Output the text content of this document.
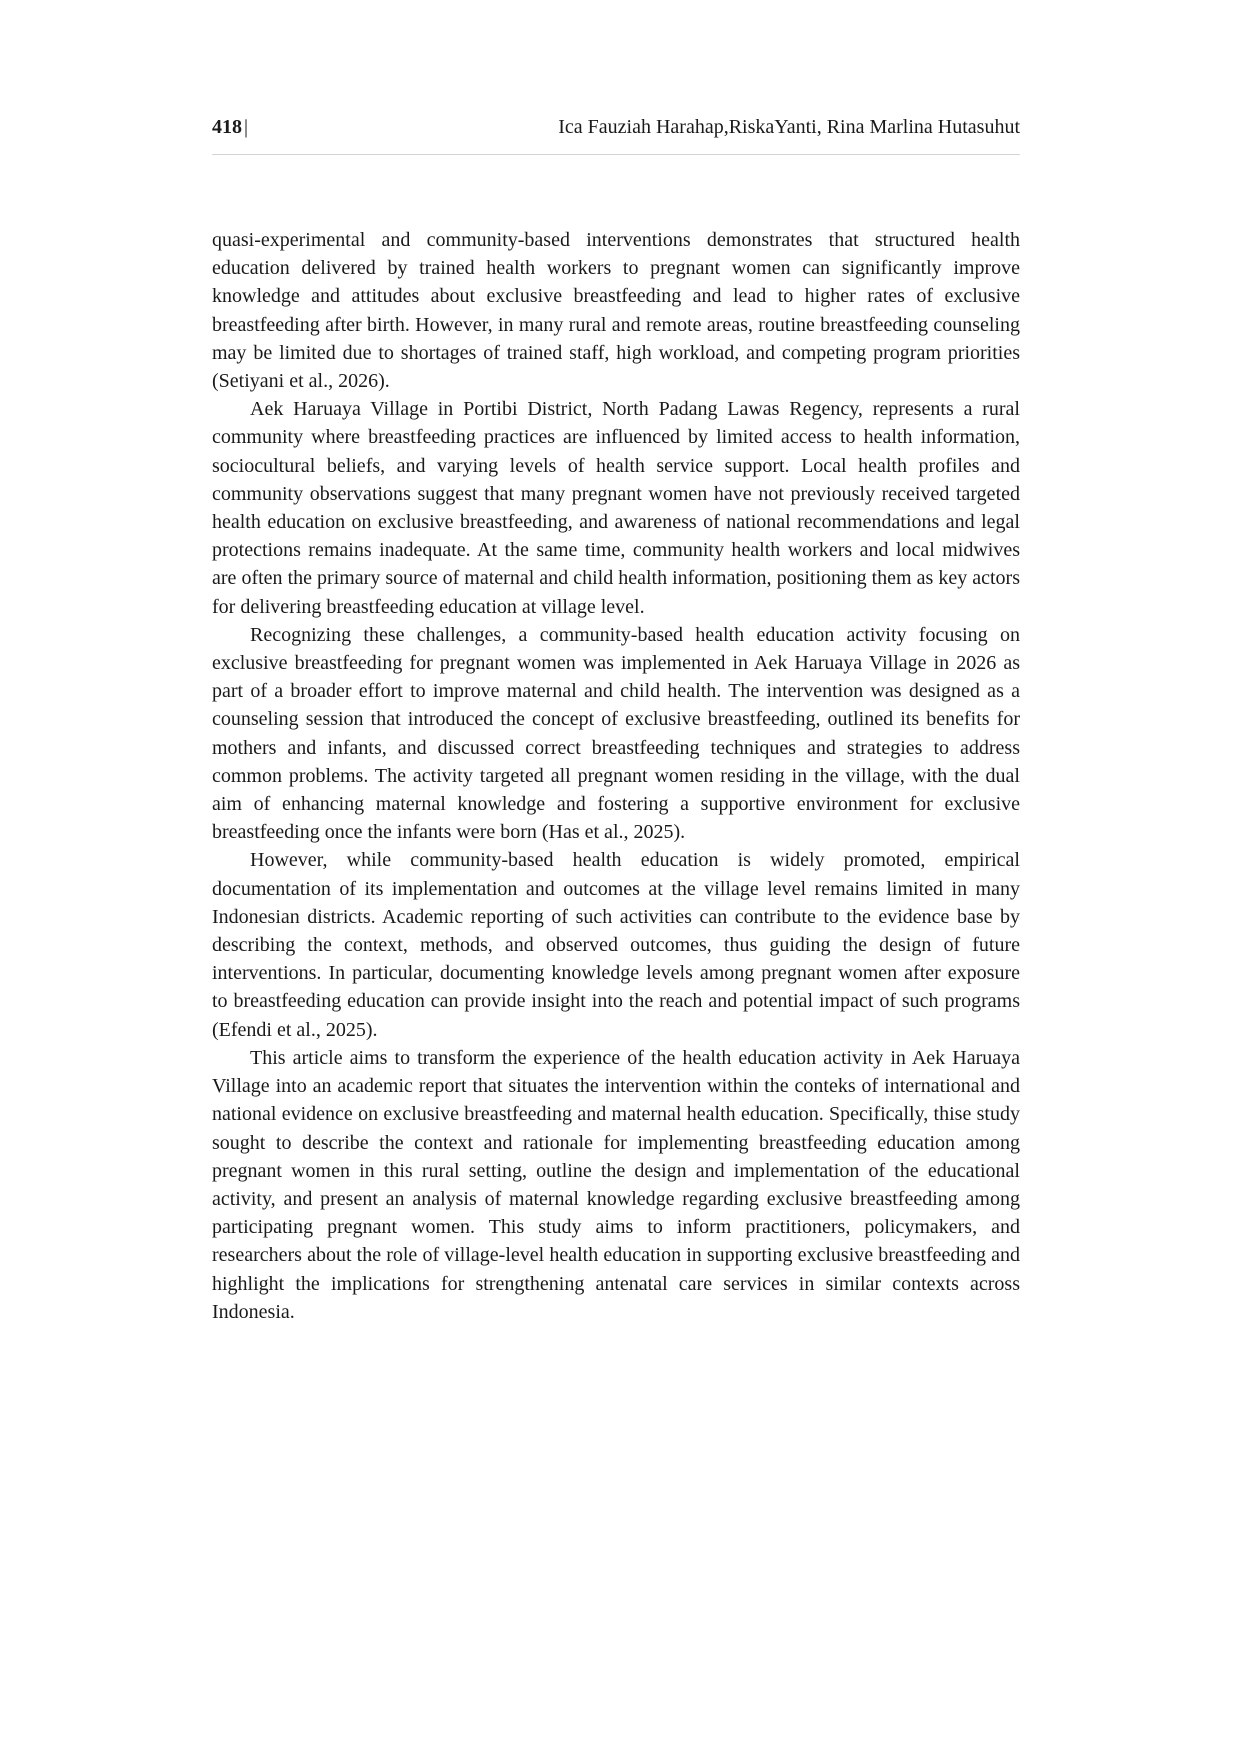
418 |	Ica Fauziah Harahap,RiskaYanti, Rina Marlina Hutasuhut

quasi-experimental and community-based interventions demonstrates that structured health education delivered by trained health workers to pregnant women can significantly improve knowledge and attitudes about exclusive breastfeeding and lead to higher rates of exclusive breastfeeding after birth. However, in many rural and remote areas, routine breastfeeding counseling may be limited due to shortages of trained staff, high workload, and competing program priorities (Setiyani et al., 2026).

Aek Haruaya Village in Portibi District, North Padang Lawas Regency, represents a rural community where breastfeeding practices are influenced by limited access to health information, sociocultural beliefs, and varying levels of health service support. Local health profiles and community observations suggest that many pregnant women have not previously received targeted health education on exclusive breastfeeding, and awareness of national recommendations and legal protections remains inadequate. At the same time, community health workers and local midwives are often the primary source of maternal and child health information, positioning them as key actors for delivering breastfeeding education at village level.

Recognizing these challenges, a community-based health education activity focusing on exclusive breastfeeding for pregnant women was implemented in Aek Haruaya Village in 2026 as part of a broader effort to improve maternal and child health. The intervention was designed as a counseling session that introduced the concept of exclusive breastfeeding, outlined its benefits for mothers and infants, and discussed correct breastfeeding techniques and strategies to address common problems. The activity targeted all pregnant women residing in the village, with the dual aim of enhancing maternal knowledge and fostering a supportive environment for exclusive breastfeeding once the infants were born (Has et al., 2025).

However, while community-based health education is widely promoted, empirical documentation of its implementation and outcomes at the village level remains limited in many Indonesian districts. Academic reporting of such activities can contribute to the evidence base by describing the context, methods, and observed outcomes, thus guiding the design of future interventions. In particular, documenting knowledge levels among pregnant women after exposure to breastfeeding education can provide insight into the reach and potential impact of such programs (Efendi et al., 2025).

This article aims to transform the experience of the health education activity in Aek Haruaya Village into an academic report that situates the intervention within the conteks of international and national evidence on exclusive breastfeeding and maternal health education. Specifically, thise study sought to describe the context and rationale for implementing breastfeeding education among pregnant women in this rural setting, outline the design and implementation of the educational activity, and present an analysis of maternal knowledge regarding exclusive breastfeeding among participating pregnant women. This study aims to inform practitioners, policymakers, and researchers about the role of village-level health education in supporting exclusive breastfeeding and highlight the implications for strengthening antenatal care services in similar contexts across Indonesia.
